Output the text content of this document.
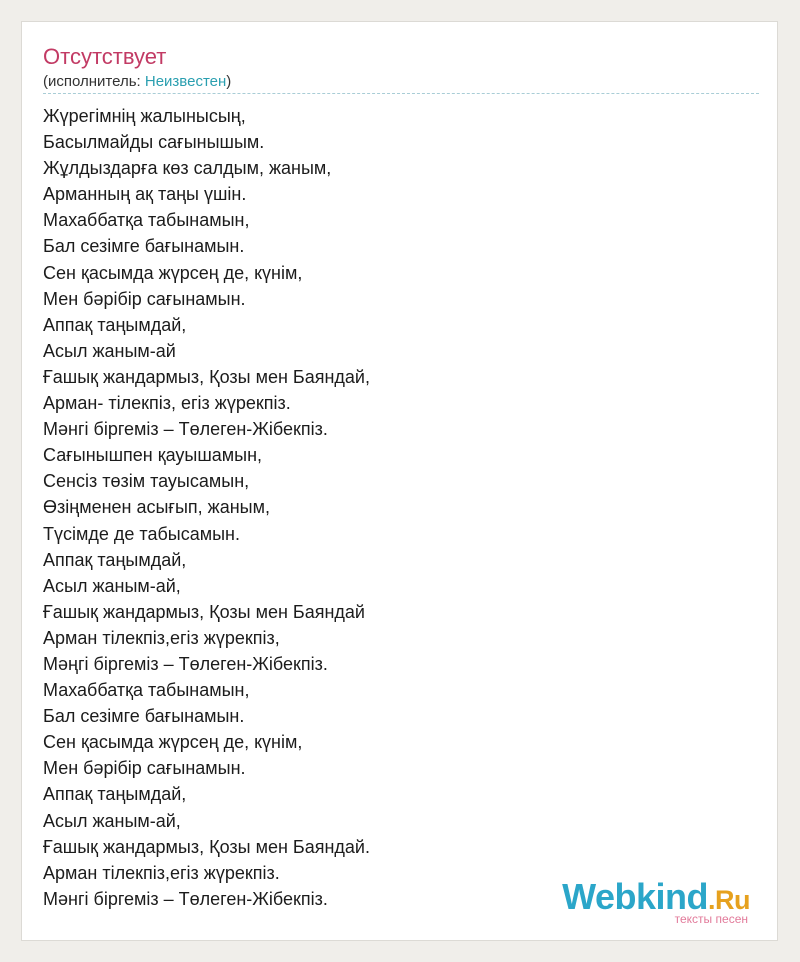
Отсутствует
(исполнитель: Неизвестен)
Жүрегімнің жалынысың,
Басылмайды сағынышым.
Жұлдыздарға көз салдым, жаным,
Арманның ақ таңы үшін.
Махаббатқа табынамын,
Бал сезімге бағынамын.
Сен қасымда жүрсең де, күнім,
Мен бәрібір сағынамын.
Аппақ таңымдай,
Асыл жаным-ай
Ғашық жандармыз, Қозы мен Баяндай,
Арман- тілекпіз, егіз жүрекпіз.
Мәнгі біргеміз – Төлеген-Жібекпіз.
Сағынышпен қауышамын,
Сенсіз төзім тауысамын,
Өзіңменен асығып, жаным,
Түсімде де табысамын.
Аппақ таңымдай,
Асыл жаным-ай,
Ғашық жандармыз, Қозы мен Баяндай
Арман тілекпіз,егіз жүрекпіз,
Мәңгі біргеміз – Төлеген-Жібекпіз.
Махаббатқа табынамын,
Бал сезімге бағынамын.
Сен қасымда жүрсең де, күнім,
Мен бәрібір сағынамын.
Аппақ таңымдай,
Асыл жаным-ай,
Ғашық жандармыз, Қозы мен Баяндай.
Арман тілекпіз,егіз жүрекпіз.
Мәнгі біргеміз – Төлеген-Жібекпіз.	Webkind.Ru
тексты песен
